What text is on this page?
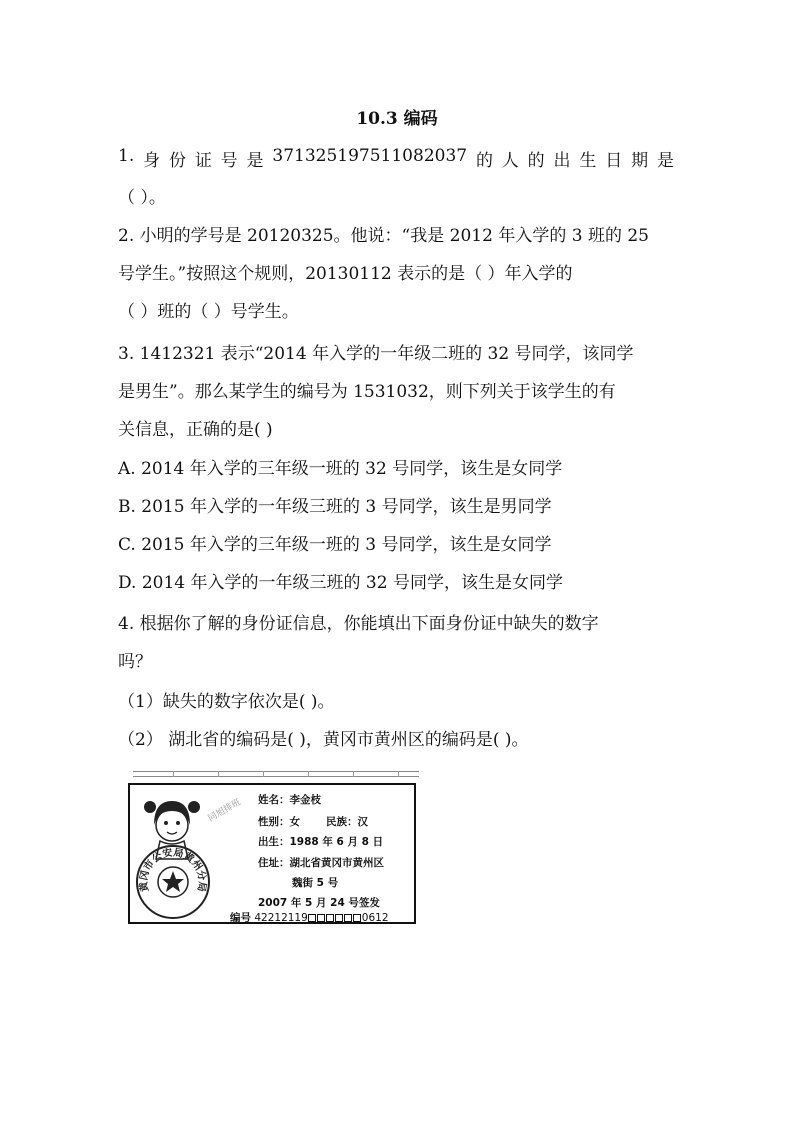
10.3 编码
1. 身 份 证 号 是 371325197511082037 的 人 的 出 生 日 期 是
（ ）。
2. 小明的学号是 20120325。他说：“我是 2012 年入学的 3 班的 25
号学生。”按照这个规则，20130112 表示的是（ ）年入学的
（ ）班的（ ）号学生。
3. 1412321 表示“2014 年入学的一年级二班的 32 号同学，该同学
是男生”。那么某学生的编号为 1531032，则下列关于该学生的有
关信息，正确的是( )
A. 2014 年入学的三年级一班的 32 号同学，该生是女同学
B. 2015 年入学的一年级三班的 3 号同学，该生是男同学
C. 2015 年入学的三年级一班的 3 号同学，该生是女同学
D. 2014 年入学的一年级三班的 32 号同学，该生是女同学
4. 根据你了解的身份证信息，你能填出下面身份证中缺失的数字
吗？
（1）缺失的数字依次是( )。
（2） 湖北省的编码是( )，黄冈市黄州区的编码是( )。
黄冈市公安局黄州分局
同旭排班 姓名：李金枝
性别：女 民族：汉
出生：1988 年 6 月 8 日
住址：湖北省黄冈市黄州区
魏街 5 号
2007 年 5 月 24 号签发
编号 42212119	0612
